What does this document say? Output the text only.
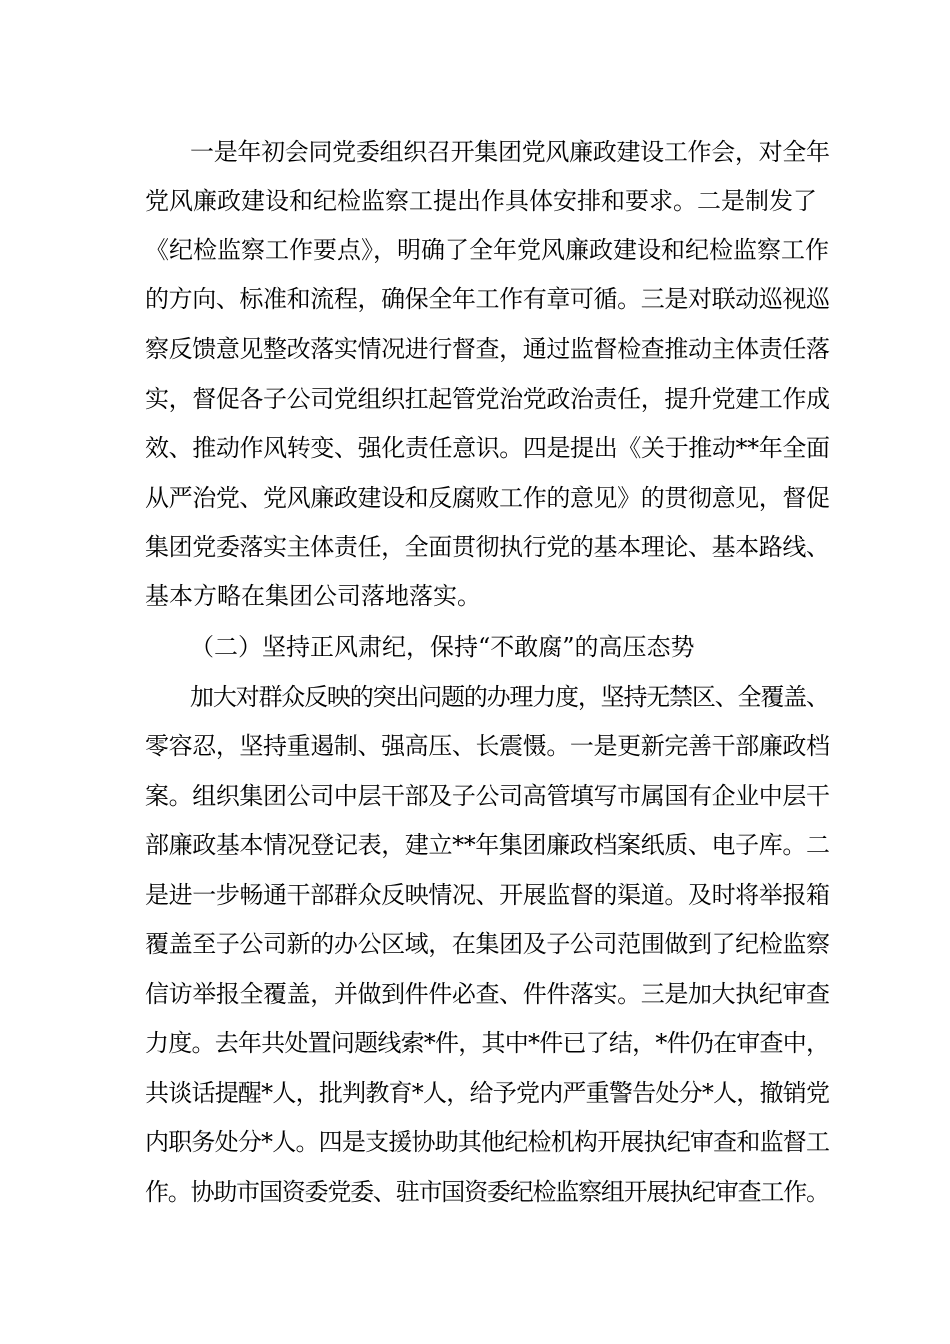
一是年初会同党委组织召开集团党风廉政建设工作会，对全年
党风廉政建设和纪检监察工提出作具体安排和要求。二是制发了
《纪检监察工作要点》，明确了全年党风廉政建设和纪检监察工作
的方向、标准和流程，确保全年工作有章可循。三是对联动巡视巡
察反馈意见整改落实情况进行督查，通过监督检查推动主体责任落
实，督促各子公司党组织扛起管党治党政治责任，提升党建工作成
效、推动作风转变、强化责任意识。四是提出《关于推动**年全面
从严治党、党风廉政建设和反腐败工作的意见》的贯彻意见，督促
集团党委落实主体责任，全面贯彻执行党的基本理论、基本路线、
基本方略在集团公司落地落实。
（二）坚持正风肃纪，保持“不敢腐”的高压态势
加大对群众反映的突出问题的办理力度，坚持无禁区、全覆盖、
零容忍，坚持重遏制、强高压、长震慑。一是更新完善干部廉政档
案。组织集团公司中层干部及子公司高管填写市属国有企业中层干
部廉政基本情况登记表，建立**年集团廉政档案纸质、电子库。二
是进一步畅通干部群众反映情况、开展监督的渠道。及时将举报箱
覆盖至子公司新的办公区域，在集团及子公司范围做到了纪检监察
信访举报全覆盖，并做到件件必查、件件落实。三是加大执纪审查
力度。去年共处置问题线索*件，其中*件已了结，*件仍在审查中，
共谈话提醒*人，批判教育*人，给予党内严重警告处分*人，撤销党
内职务处分*人。四是支援协助其他纪检机构开展执纪审查和监督工
作。协助市国资委党委、驻市国资委纪检监察组开展执纪审查工作。
